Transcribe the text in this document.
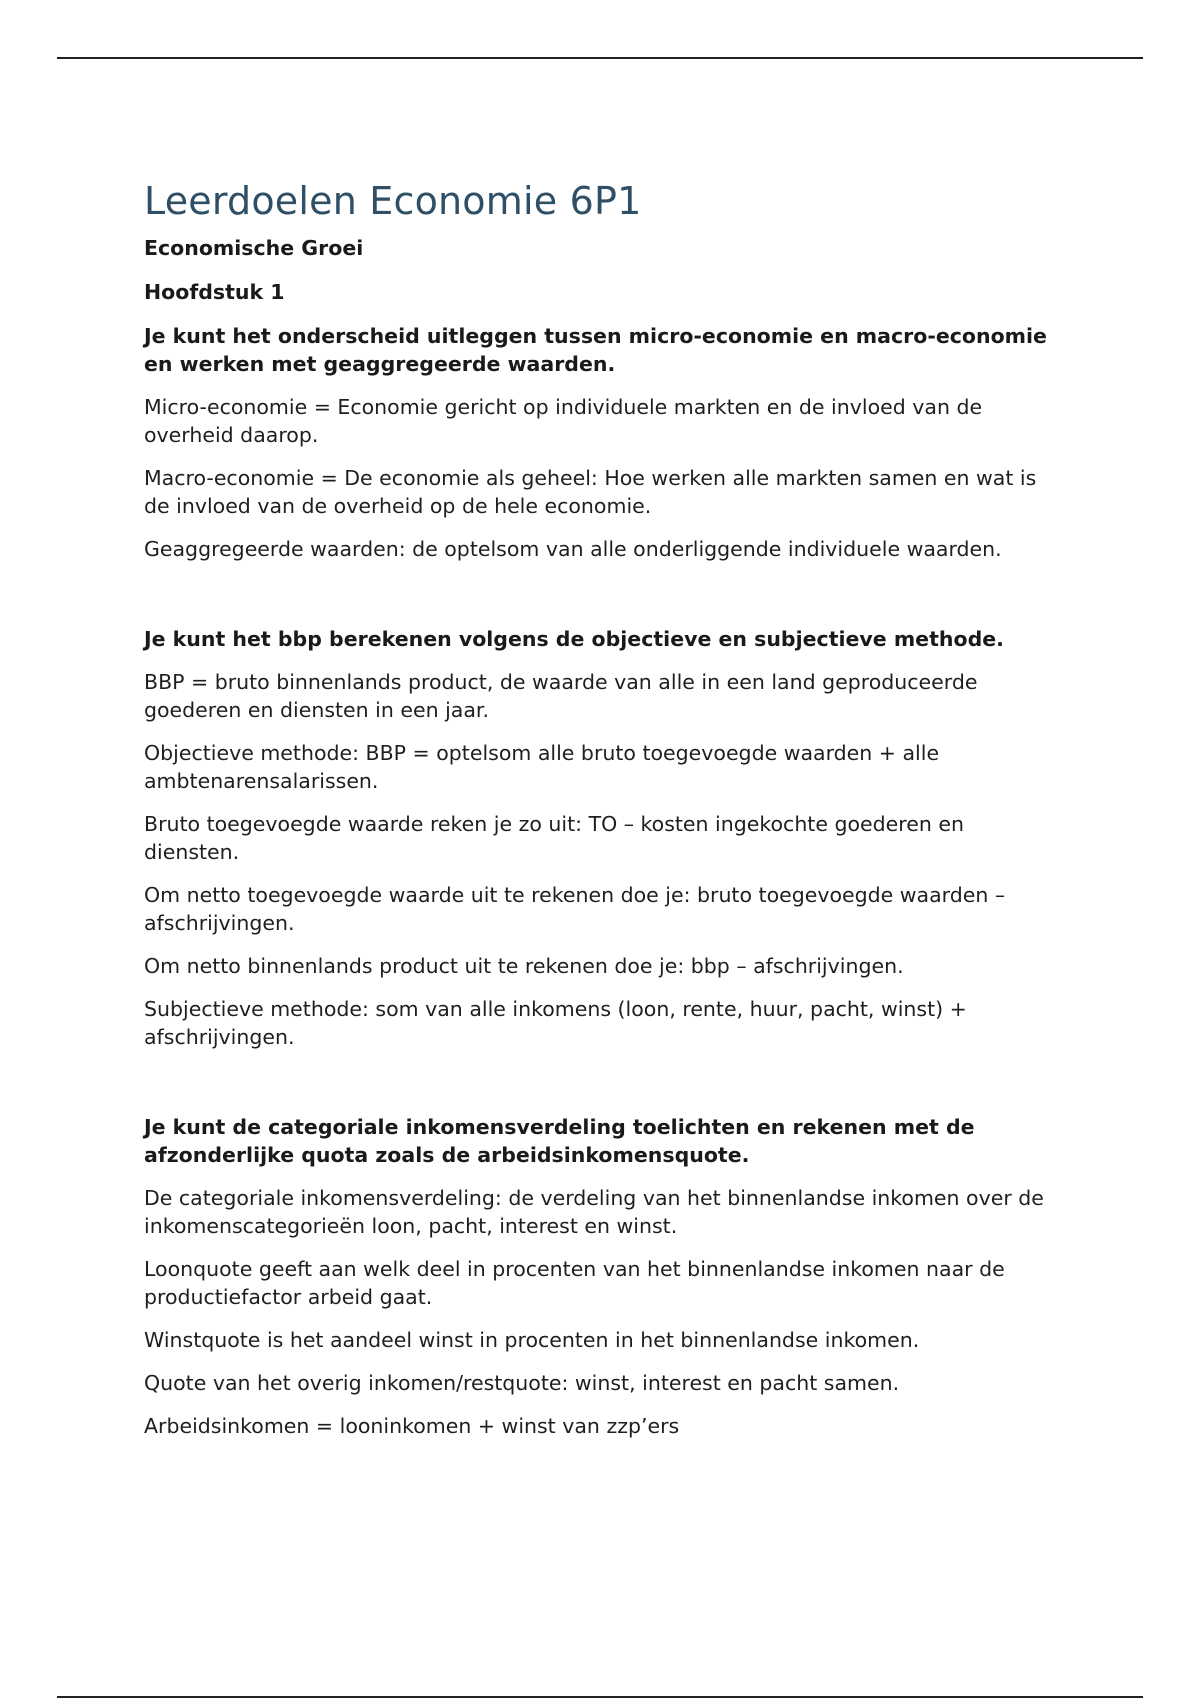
Leerdoelen Economie 6P1
Economische Groei
Hoofdstuk 1
Je kunt het onderscheid uitleggen tussen micro-economie en macro-economie en werken met geaggregeerde waarden.
Micro-economie = Economie gericht op individuele markten en de invloed van de overheid daarop.
Macro-economie = De economie als geheel: Hoe werken alle markten samen en wat is de invloed van de overheid op de hele economie.
Geaggregeerde waarden: de optelsom van alle onderliggende individuele waarden.
Je kunt het bbp berekenen volgens de objectieve en subjectieve methode.
BBP = bruto binnenlands product, de waarde van alle in een land geproduceerde goederen en diensten in een jaar.
Objectieve methode: BBP = optelsom alle bruto toegevoegde waarden + alle ambtenarensalarissen.
Bruto toegevoegde waarde reken je zo uit: TO – kosten ingekochte goederen en diensten.
Om netto toegevoegde waarde uit te rekenen doe je: bruto toegevoegde waarden – afschrijvingen.
Om netto binnenlands product uit te rekenen doe je: bbp – afschrijvingen.
Subjectieve methode: som van alle inkomens (loon, rente, huur, pacht, winst) + afschrijvingen.
Je kunt de categoriale inkomensverdeling toelichten en rekenen met de afzonderlijke quota zoals de arbeidsinkomensquote.
De categoriale inkomensverdeling: de verdeling van het binnenlandse inkomen over de inkomenscategorieën loon, pacht, interest en winst.
Loonquote geeft aan welk deel in procenten van het binnenlandse inkomen naar de productiefactor arbeid gaat.
Winstquote is het aandeel winst in procenten in het binnenlandse inkomen.
Quote van het overig inkomen/restquote: winst, interest en pacht samen.
Arbeidsinkomen = looninkomen + winst van zzp’ers
